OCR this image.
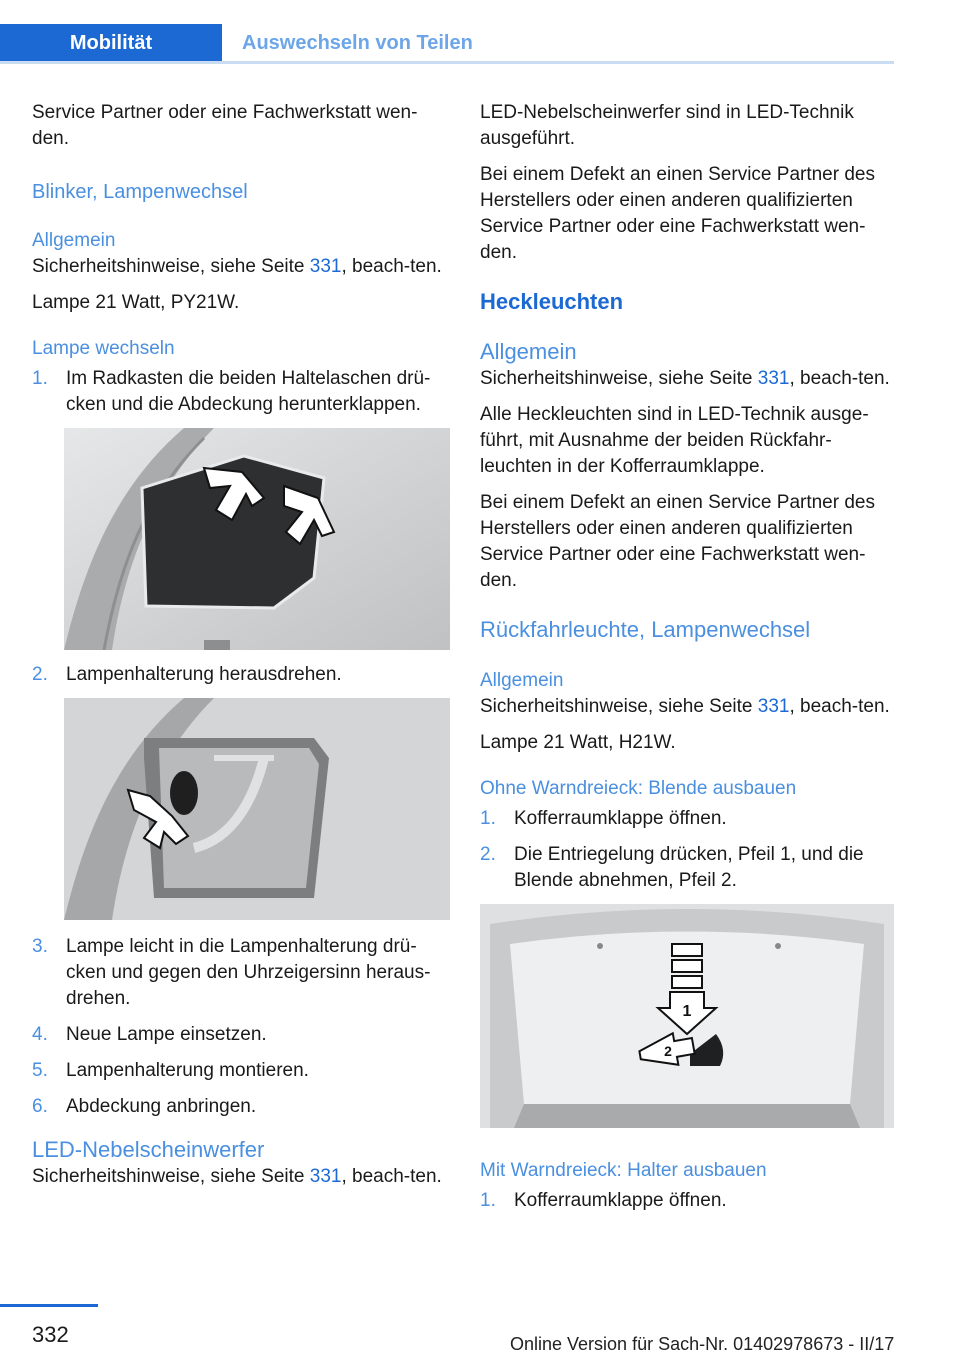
Mobilität	Auswechseln von Teilen

Service Partner oder eine Fachwerkstatt wen-den.

Blinker, Lampenwechsel
Allgemein

Sicherheitshinweise, siehe Seite 331, beach-ten.

Lampe 21 Watt, PY21W.

Lampe wechseln
1. Im Radkasten die beiden Haltelaschen drü-cken und die Abdeckung herunterklappen.
2. Lampenhalterung herausdrehen.
3. Lampe leicht in die Lampenhalterung drü-cken und gegen den Uhrzeigersinn heraus-drehen.
4. Neue Lampe einsetzen.
5. Lampenhalterung montieren.
6. Abdeckung anbringen.
LED-Nebelscheinwerfer

Sicherheitshinweise, siehe Seite 331, beach-ten.

LED-Nebelscheinwerfer sind in LED-Technik ausgeführt.

Bei einem Defekt an einen Service Partner des Herstellers oder einen anderen qualifizierten Service Partner oder eine Fachwerkstatt wen-den.

Heckleuchten
Allgemein

Sicherheitshinweise, siehe Seite 331, beach-ten.

Alle Heckleuchten sind in LED-Technik ausge-führt, mit Ausnahme der beiden Rückfahr-leuchten in der Kofferraumklappe.

Bei einem Defekt an einen Service Partner des Herstellers oder einen anderen qualifizierten Service Partner oder eine Fachwerkstatt wen-den.

Rückfahrleuchte, Lampenwechsel
Allgemein

Sicherheitshinweise, siehe Seite 331, beach-ten.

Lampe 21 Watt, H21W.

Ohne Warndreieck: Blende ausbauen
1. Kofferraumklappe öffnen.
2. Die Entriegelung drücken, Pfeil 1, und die Blende abnehmen, Pfeil 2.
1
2
Mit Warndreieck: Halter ausbauen
1. Kofferraumklappe öffnen.
332	Online Version für Sach-Nr. 01402978673 - II/17
